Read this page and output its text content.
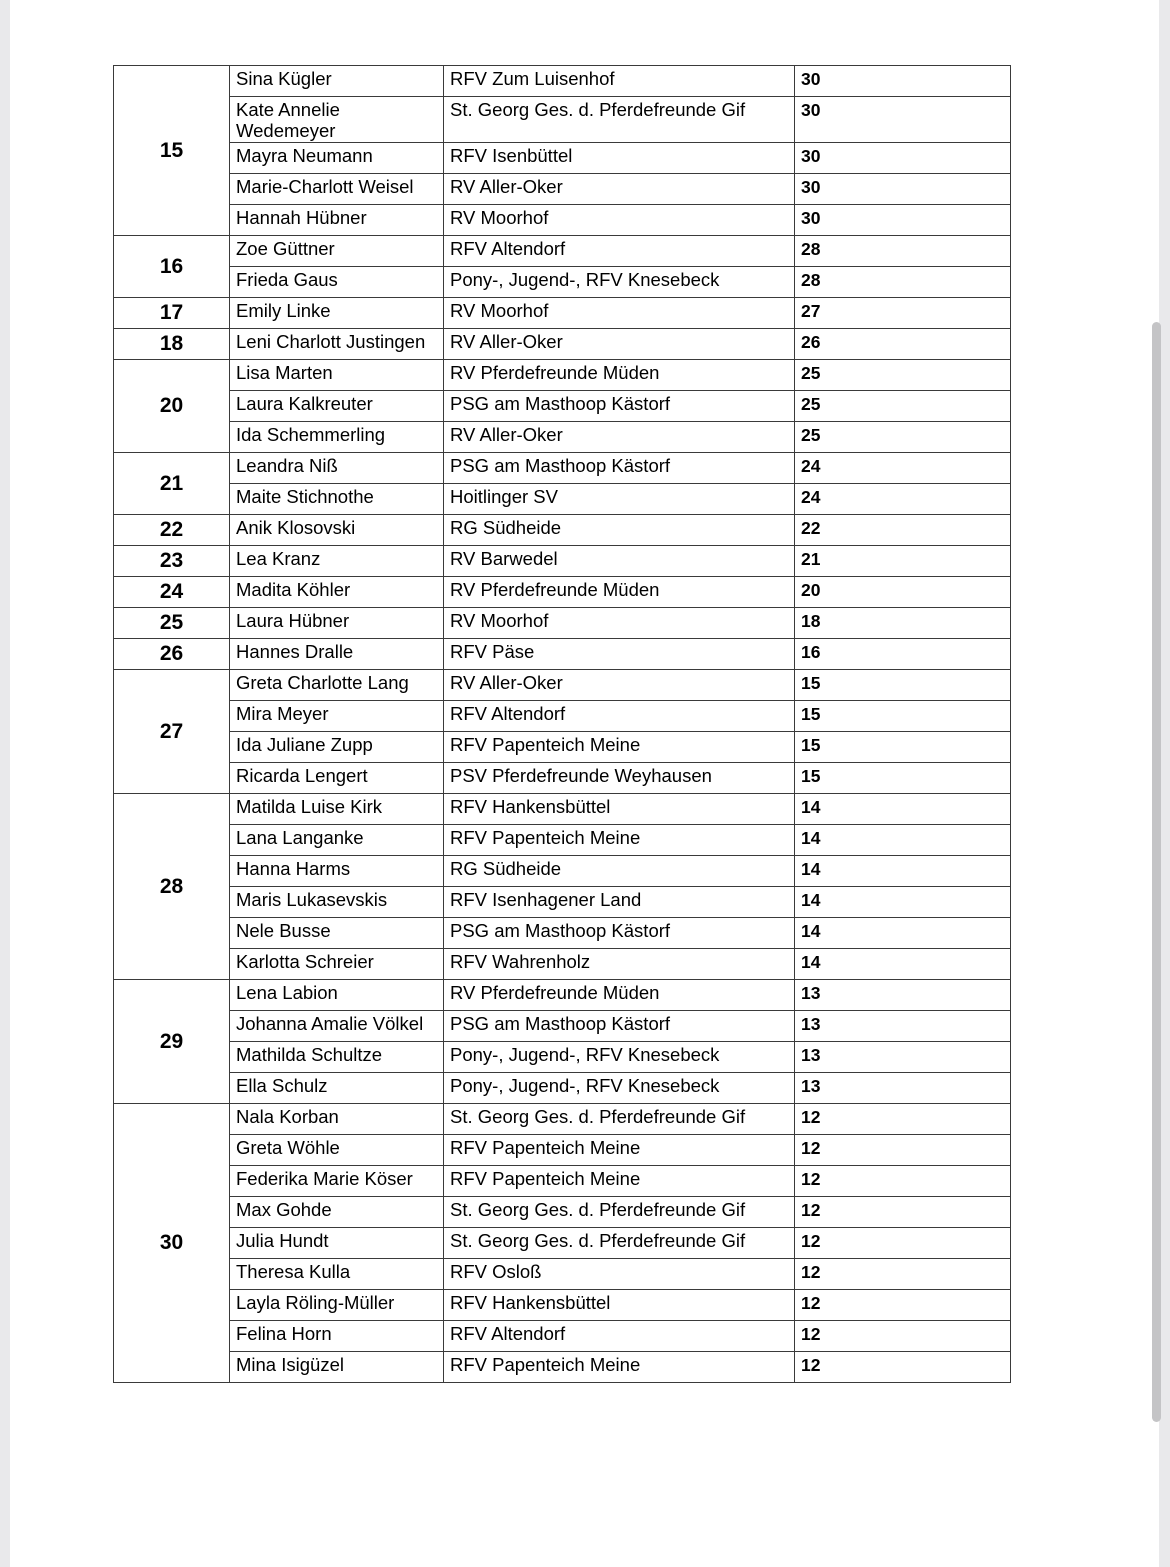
15	Sina Kügler	RFV Zum Luisenhof	30
	Kate Annelie Wedemeyer	St. Georg Ges. d. Pferdefreunde Gif	30
	Mayra Neumann	RFV Isenbüttel	30
	Marie-Charlott Weisel	RV Aller-Oker	30
	Hannah Hübner	RV Moorhof	30
16	Zoe Güttner	RFV Altendorf	28
	Frieda Gaus	Pony-, Jugend-, RFV Knesebeck	28
17	Emily Linke	RV Moorhof	27
18	Leni Charlott Justingen	RV Aller-Oker	26
20	Lisa Marten	RV Pferdefreunde Müden	25
	Laura Kalkreuter	PSG am Masthoop Kästorf	25
	Ida Schemmerling	RV Aller-Oker	25
21	Leandra Niß	PSG am Masthoop Kästorf	24
	Maite Stichnothe	Hoitlinger SV	24
22	Anik Klosovski	RG Südheide	22
23	Lea Kranz	RV Barwedel	21
24	Madita Köhler	RV Pferdefreunde Müden	20
25	Laura Hübner	RV Moorhof	18
26	Hannes Dralle	RFV Päse	16
27	Greta Charlotte Lang	RV Aller-Oker	15
	Mira Meyer	RFV Altendorf	15
	Ida Juliane Zupp	RFV Papenteich Meine	15
	Ricarda Lengert	PSV Pferdefreunde Weyhausen	15
28	Matilda Luise Kirk	RFV Hankensbüttel	14
	Lana Langanke	RFV Papenteich Meine	14
	Hanna Harms	RG Südheide	14
	Maris Lukasevskis	RFV Isenhagener Land	14
	Nele Busse	PSG am Masthoop Kästorf	14
	Karlotta Schreier	RFV Wahrenholz	14
29	Lena Labion	RV Pferdefreunde Müden	13
	Johanna Amalie Völkel	PSG am Masthoop Kästorf	13
	Mathilda Schultze	Pony-, Jugend-, RFV Knesebeck	13
	Ella Schulz	Pony-, Jugend-, RFV Knesebeck	13
30	Nala Korban	St. Georg Ges. d. Pferdefreunde Gif	12
	Greta Wöhle	RFV Papenteich Meine	12
	Federika Marie Köser	RFV Papenteich Meine	12
	Max Gohde	St. Georg Ges. d. Pferdefreunde Gif	12
	Julia Hundt	St. Georg Ges. d. Pferdefreunde Gif	12
	Theresa Kulla	RFV Osloß	12
	Layla Röling-Müller	RFV Hankensbüttel	12
	Felina Horn	RFV Altendorf	12
	Mina Isigüzel	RFV Papenteich Meine	12
